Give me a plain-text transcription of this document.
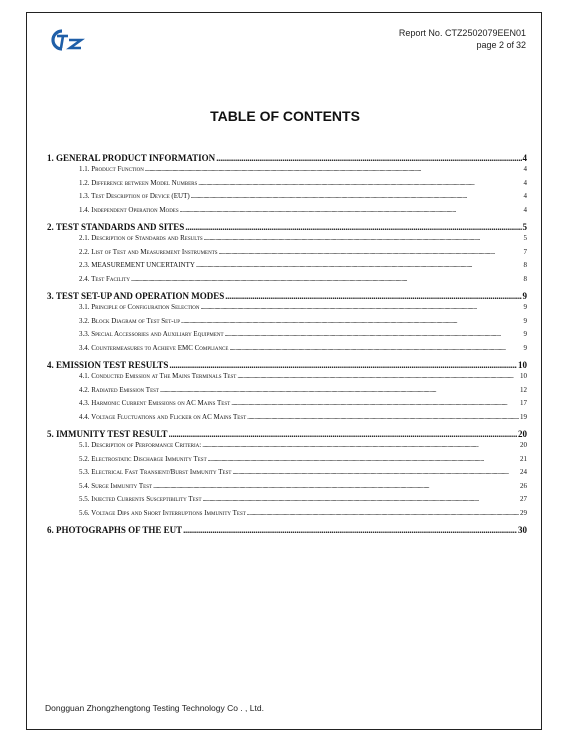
Report No. CTZ2502079EEN01
page 2 of 32
TABLE OF CONTENTS
1. GENERAL PRODUCT INFORMATION .....	4
1.1. Product Function .....	4
1.2. Difference between Model Numbers .....	4
1.3. Test Description of Device (EUT) .....	4
1.4. Independent Operation Modes .....	4
2. TEST STANDARDS AND SITES .....	5
2.1. Description of Standards and Results .....	5
2.2. List of Test and Measurement Instruments .....	7
2.3. MEASUREMENT UNCERTAINTY .....	8
2.4. Test Facility .....	8
3. TEST SET-UP AND OPERATION MODES .....	9
3.1. Principle of Configuration Selection .....	9
3.2. Block Diagram of Test Set-up .....	9
3.3. Special Accessories and Auxiliary Equipment .....	9
3.4. Countermeasures to Achieve EMC Compliance .....	9
4. EMISSION TEST RESULTS .....	10
4.1. Conducted Emission at The Mains Terminals Test .....	10
4.2. Radiated Emission Test .....	12
4.3. Harmonic Current Emissions on AC Mains Test .....	17
4.4. Voltage Fluctuations and Flicker on AC Mains Test .....	19
5. IMMUNITY TEST RESULT .....	20
5.1. Description of Performance Criteria: .....	20
5.2. Electrostatic Discharge Immunity Test .....	21
5.3. Electrical Fast Transient/Burst Immunity Test .....	24
5.4. Surge Immunity Test .....	26
5.5. Injected Currents Susceptibility Test .....	27
5.6. Voltage Dips and Short Interruptions Immunity Test .....	29
6. PHOTOGRAPHS OF THE EUT .....	30
Dongguan Zhongzhengtong Testing Technology Co . , Ltd.
